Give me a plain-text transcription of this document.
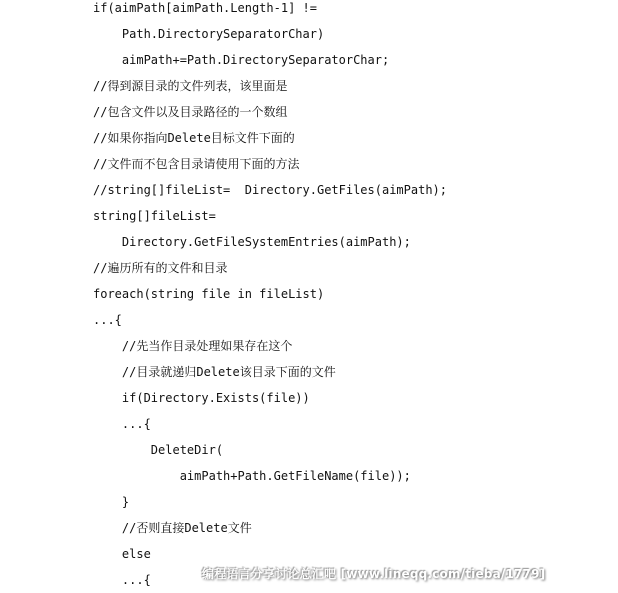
if(aimPath[aimPath.Length-1] !=
Path.DirectorySeparatorChar)
aimPath+=Path.DirectorySeparatorChar;
//得到源目录的文件列表，该里面是
//包含文件以及目录路径的一个数组
//如果你指向Delete目标文件下面的
//文件而不包含目录请使用下面的方法
//string[]fileList=  Directory.GetFiles(aimPath);
string[]fileList=
Directory.GetFileSystemEntries(aimPath);
//遍历所有的文件和目录
foreach(string file in fileList)
...{
//先当作目录处理如果存在这个
//目录就递归Delete该目录下面的文件
if(Directory.Exists(file))
...{
DeleteDir(
aimPath+Path.GetFileName(file));
}
//否则直接Delete文件
else
...{	编程语言分享讨论总汇吧 [www.lineqq.com/tieba/1779]
